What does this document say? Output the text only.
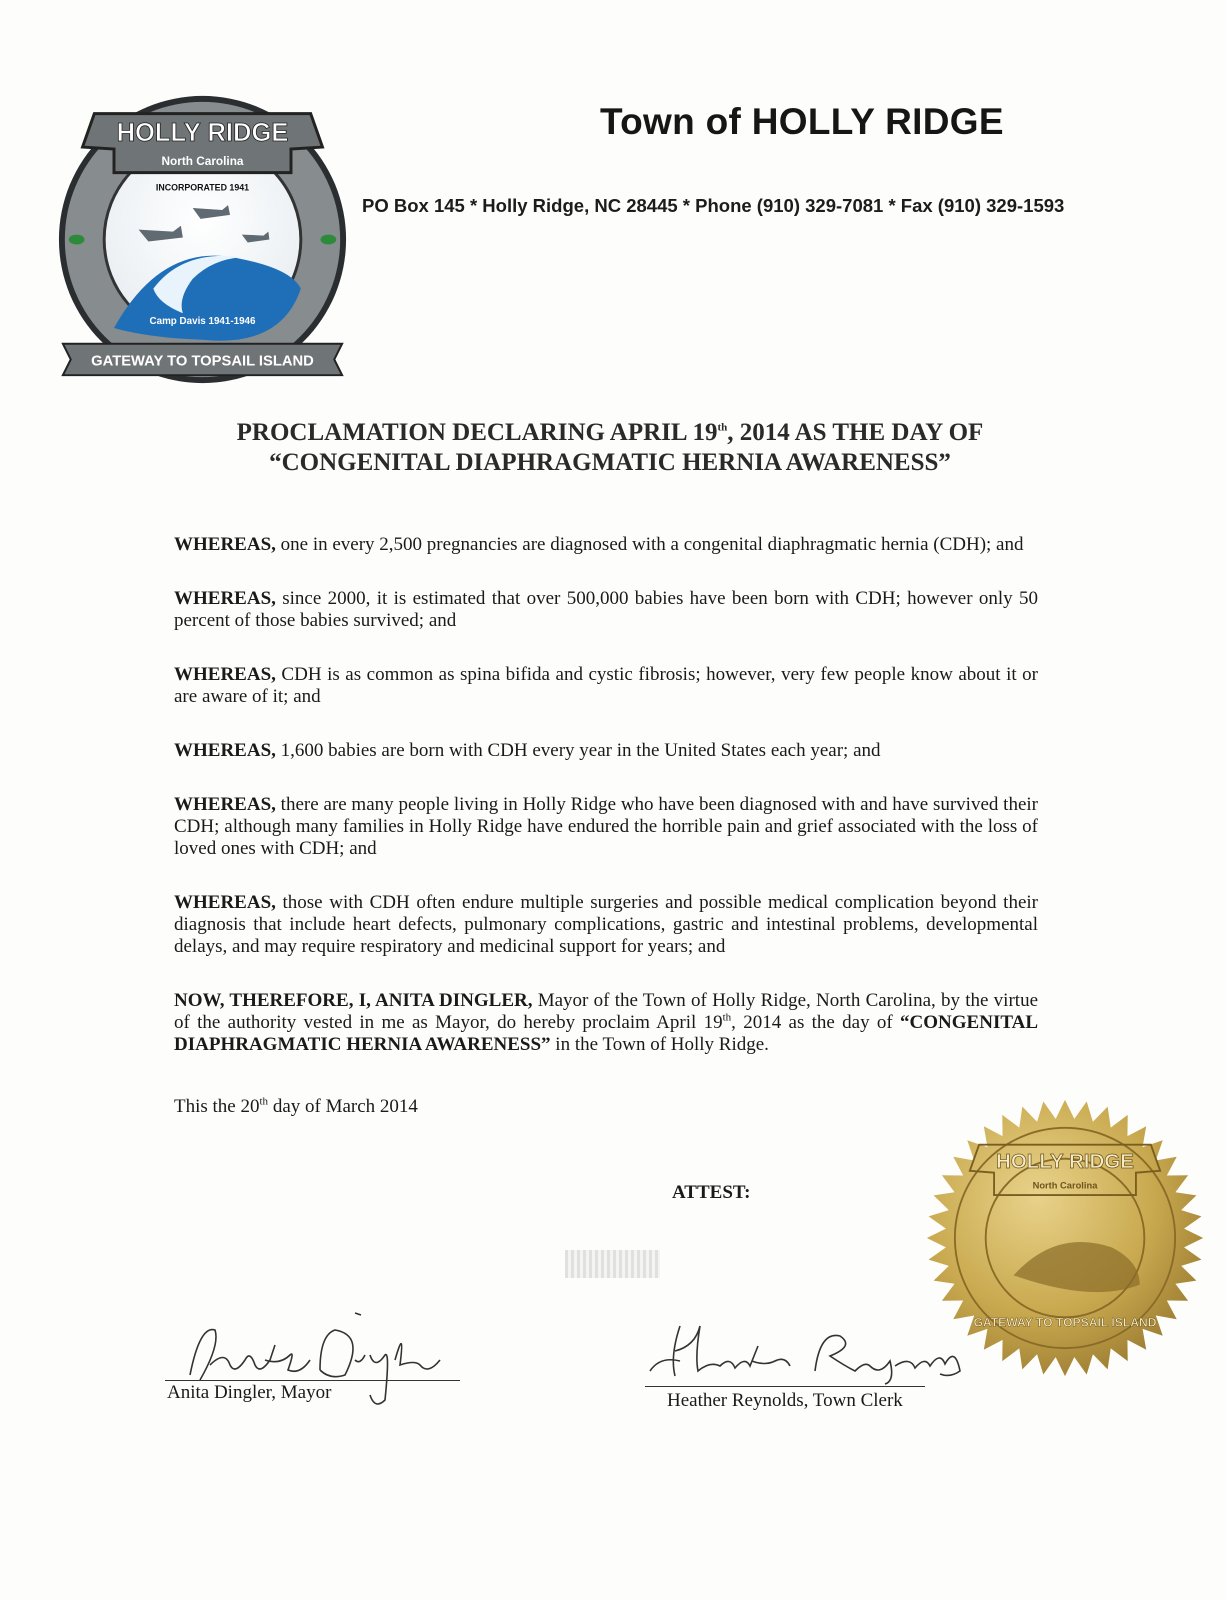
HOLLY RIDGE
North Carolina
INCORPORATED 1941
Camp Davis 1941-1946
GATEWAY TO TOPSAIL ISLAND
Town of HOLLY RIDGE
PO Box 145 * Holly Ridge, NC 28445 * Phone (910) 329-7081 * Fax (910) 329-1593
PROCLAMATION DECLARING APRIL 19th, 2014 AS THE DAY OF
“CONGENITAL DIAPHRAGMATIC HERNIA AWARENESS”

WHEREAS, one in every 2,500 pregnancies are diagnosed with a congenital diaphragmatic hernia (CDH); and

WHEREAS, since 2000, it is estimated that over 500,000 babies have been born with CDH; however only 50 percent of those babies survived; and

WHEREAS, CDH is as common as spina bifida and cystic fibrosis; however, very few people know about it or are aware of it; and

WHEREAS, 1,600 babies are born with CDH every year in the United States each year; and

WHEREAS, there are many people living in Holly Ridge who have been diagnosed with and have survived their CDH; although many families in Holly Ridge have endured the horrible pain and grief associated with the loss of loved ones with CDH; and

WHEREAS, those with CDH often endure multiple surgeries and possible medical complication beyond their diagnosis that include heart defects, pulmonary complications, gastric and intestinal problems, developmental delays, and may require respiratory and medicinal support for years; and

NOW, THEREFORE, I, ANITA DINGLER, Mayor of the Town of Holly Ridge, North Carolina, by the virtue of the authority vested in me as Mayor, do hereby proclaim April 19th, 2014 as the day of “CONGENITAL DIAPHRAGMATIC HERNIA AWARENESS” in the Town of Holly Ridge.

This the 20th day of March 2014

ATTEST:
HOLLY RIDGE
North Carolina
GATEWAY TO TOPSAIL ISLAND
Anita Dingler, Mayor	Heather Reynolds, Town Clerk
